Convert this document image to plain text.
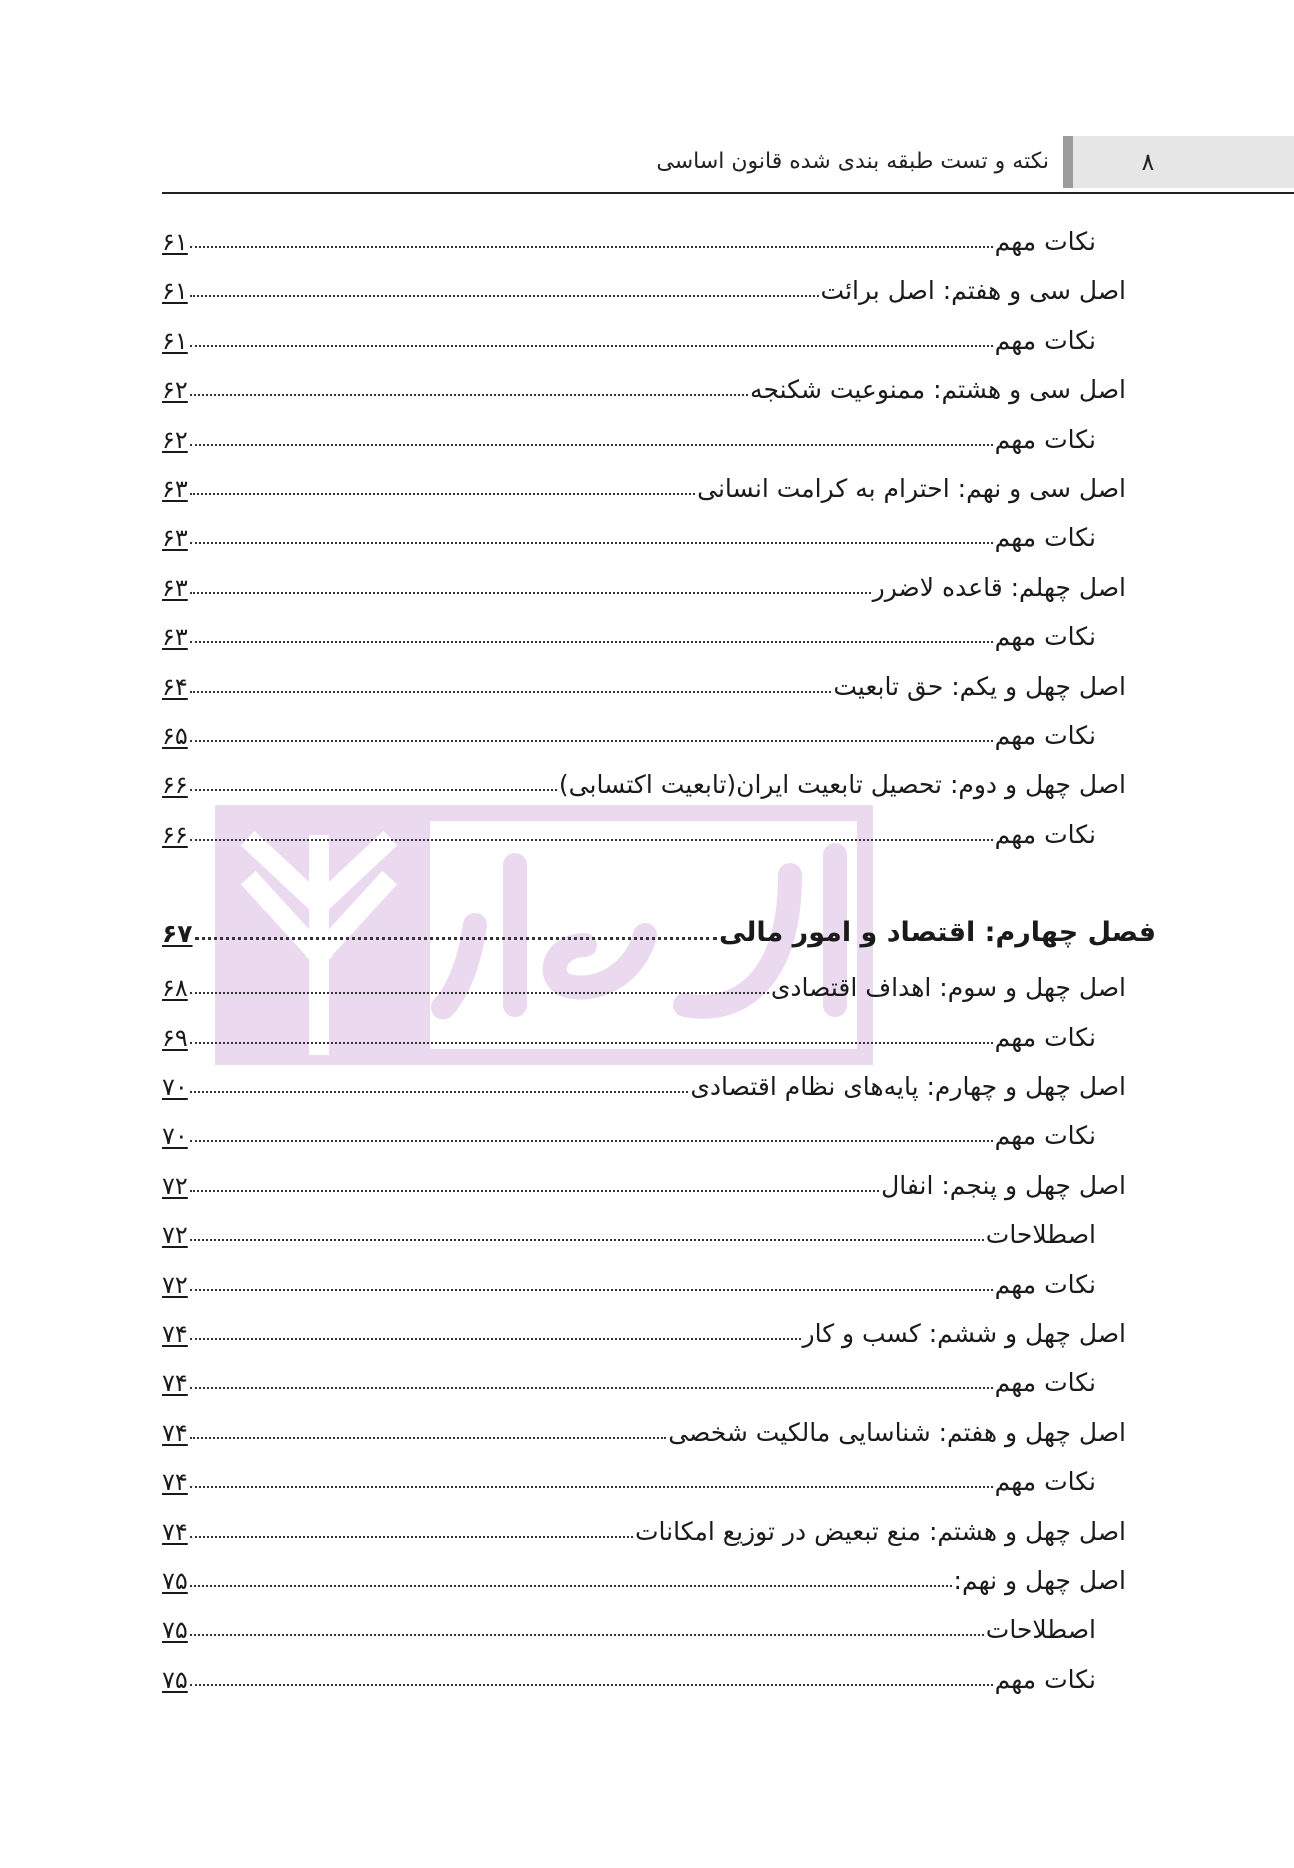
۸
نکته و تست طبقه بندی شده قانون اساسی
نکات مهم
۶۱
اصل سی و هفتم: اصل برائت
۶۱
نکات مهم
۶۱
اصل سی و هشتم: ممنوعیت شکنجه
۶۲
نکات مهم
۶۲
اصل سی و نهم: احترام به کرامت انسانی
۶۳
نکات مهم
۶۳
اصل چهلم: قاعده لاضرر
۶۳
نکات مهم
۶۳
اصل چهل و یکم: حق تابعیت
۶۴
نکات مهم
۶۵
اصل چهل و دوم: تحصیل تابعیت ایران(تابعیت اکتسابی)
۶۶
نکات مهم
۶۶
فصل چهارم: اقتصاد و امور مالی
۶۷
اصل چهل و سوم: اهداف اقتصادی
۶۸
نکات مهم
۶۹
اصل چهل و چهارم: پایه‌های نظام اقتصادی
۷۰
نکات مهم
۷۰
اصل چهل و پنجم: انفال
۷۲
اصطلاحات
۷۲
نکات مهم
۷۲
اصل چهل و ششم: کسب و کار
۷۴
نکات مهم
۷۴
اصل چهل و هفتم: شناسایی مالکیت شخصی
۷۴
نکات مهم
۷۴
اصل چهل و هشتم: منع تبعیض در توزیع امکانات
۷۴
اصل چهل و نهم:
۷۵
اصطلاحات
۷۵
نکات مهم
۷۵
